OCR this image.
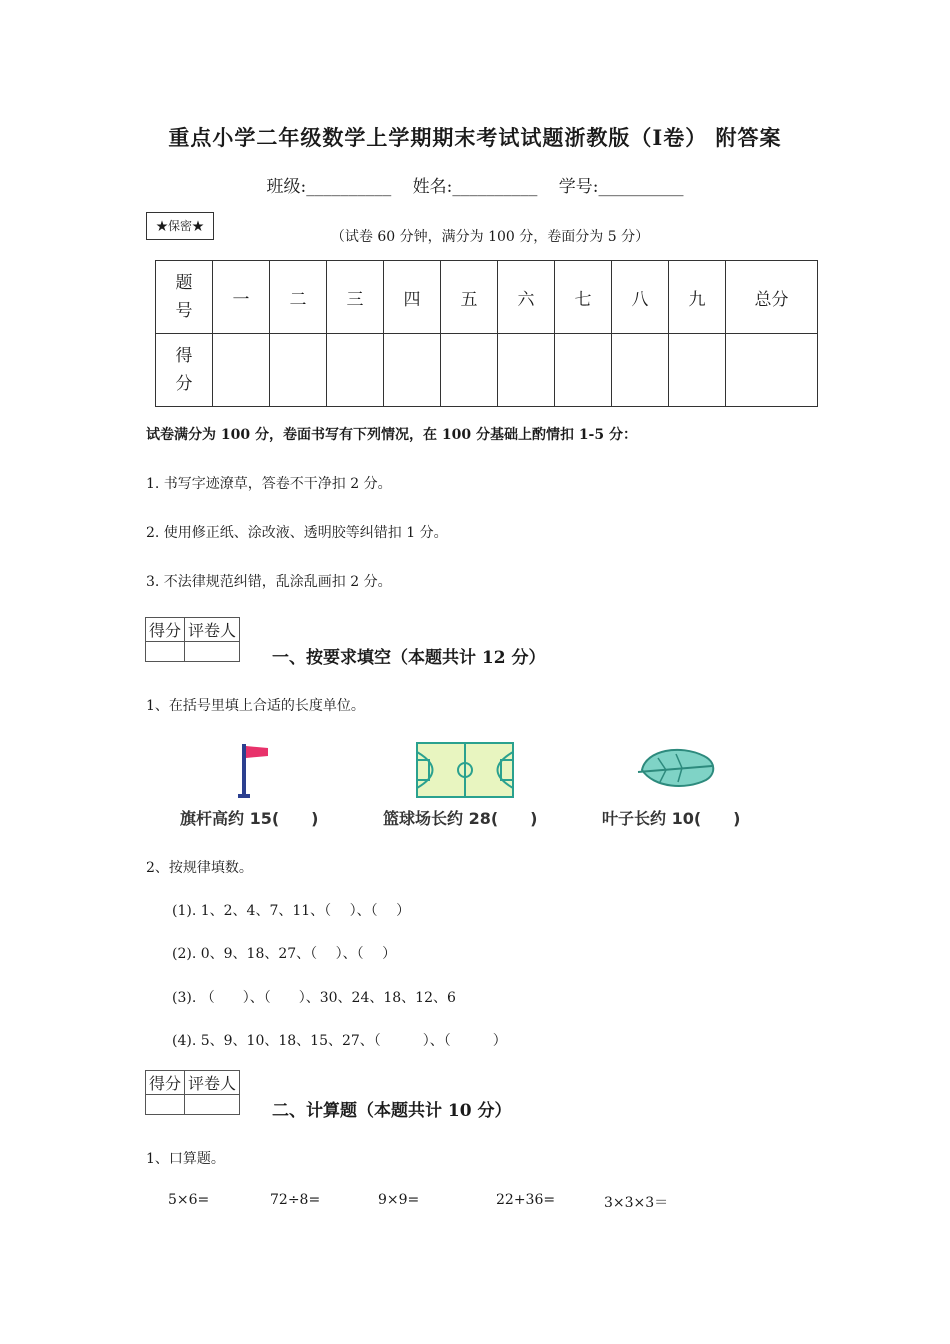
重点小学二年级数学上学期期末考试试题浙教版（I卷） 附答案
班级:__________ 姓名:__________ 学号:__________
★保密★
（试卷 60 分钟，满分为 100 分，卷面分为 5 分）
题号	一	二	三	四	五	六	七	八	九	总分
得分										
试卷满分为 100 分，卷面书写有下列情况，在 100 分基础上酌情扣 1-5 分：
1. 书写字迹潦草，答卷不干净扣 2 分。
2. 使用修正纸、涂改液、透明胶等纠错扣 1 分。
3. 不法律规范纠错，乱涂乱画扣 2 分。
得分	评卷人

一、按要求填空（本题共计 12 分）
1、在括号里填上合适的长度单位。
旗杆高约 15(　　)	篮球场长约 28(　　)	叶子长约 10(　　)
2、按规律填数。
(1). 1、2、4、7、11、（　 ）、（　 ）
(2). 0、9、18、27、（　 ）、（　 ）
(3). （　　）、（　　）、30、24、18、12、6
(4). 5、9、10、18、15、27、（　　　）、（　　　）
得分	评卷人

二、计算题（本题共计 10 分）
1、口算题。
5×6=	72÷8=	9×9=	22+36=	3×3×3＝
